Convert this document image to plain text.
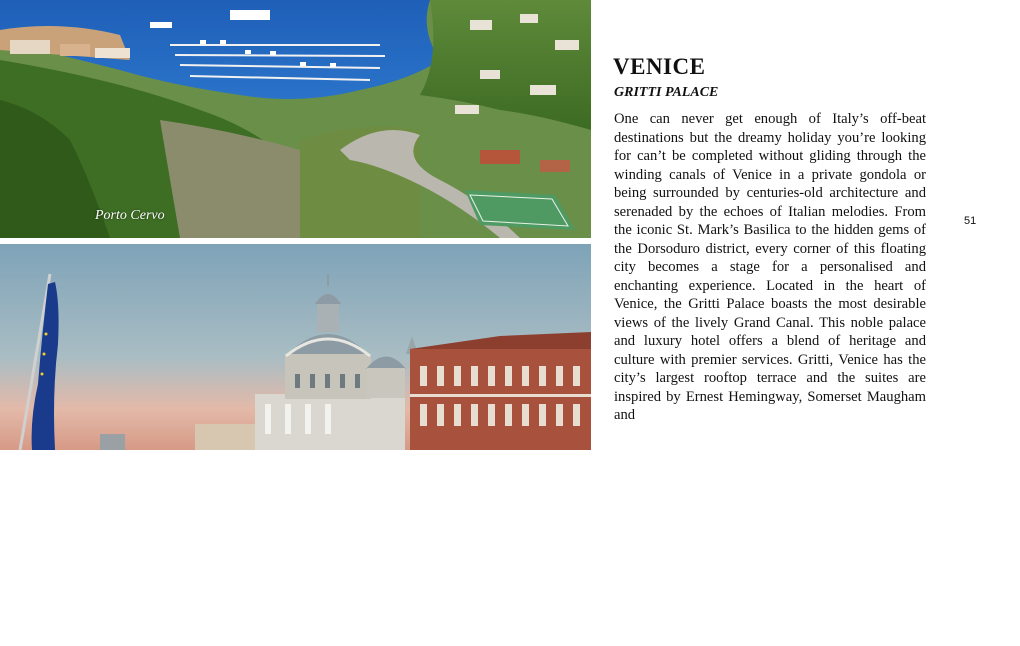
Porto Cervo
CREDITS : SHUTTERSTOCK
VENICE
GRITTI PALACE

One can never get enough of Italy’s off-beat destinations but the dreamy holiday you’re looking for can’t be completed without gliding through the winding canals of Venice in a private gondola or being surrounded by centuries-old architecture and serenaded by the echoes of Italian melodies. From the iconic St. Mark’s Basilica to the hidden gems of the Dorsoduro district, every corner of this floating city becomes a stage for a personalised and enchanting experience. Located in the heart of Venice, the Gritti Palace boasts the most desirable views of the lively Grand Canal. This noble palace and luxury hotel offers a blend of heritage and culture with premier services. Gritti, Venice has the city’s largest rooftop terrace and the suites are inspired by Ernest Hemingway, Somerset Maugham and

51
